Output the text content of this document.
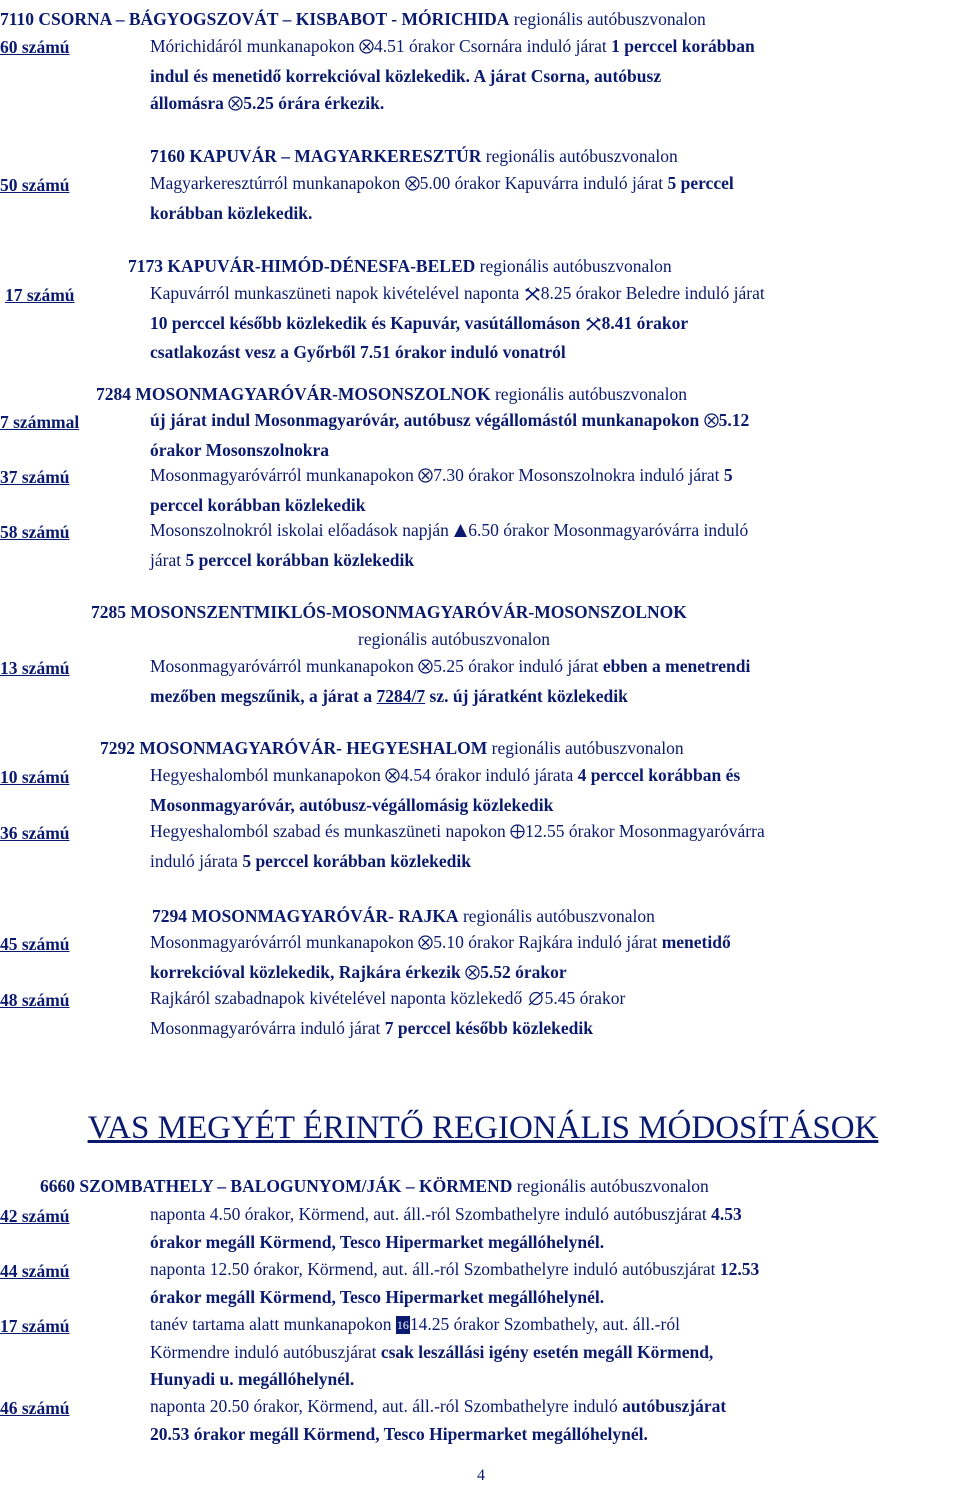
7110 CSORNA – BÁGYOGSZOVÁT – KISBABOT - MÓRICHIDA regionális autóbuszvonalon
60 számú	Mórichidáról munkanapokon 4.51 órakor Csornára induló járat 1 perccel korábban
indul és menetidő korrekcióval közlekedik. A járat Csorna, autóbusz
állomásra 5.25 órára érkezik.
7160 KAPUVÁR – MAGYARKERESZTÚR regionális autóbuszvonalon
50 számú	Magyarkeresztúrról munkanapokon 5.00 órakor Kapuvárra induló járat 5 perccel
korábban közlekedik.
7173 KAPUVÁR-HIMÓD-DÉNESFA-BELED regionális autóbuszvonalon
17 számú	Kapuvárról munkaszüneti napok kivételével naponta 8.25 órakor Beledre induló járat
10 perccel később közlekedik és Kapuvár, vasútállomáson 8.41 órakor
csatlakozást vesz a Győrből 7.51 órakor induló vonatról
7284 MOSONMAGYARÓVÁR-MOSONSZOLNOK regionális autóbuszvonalon
7 számmal	új járat indul Mosonmagyaróvár, autóbusz végállomástól munkanapokon 5.12
órakor Mosonszolnokra
37 számú	Mosonmagyaróvárról munkanapokon 7.30 órakor Mosonszolnokra induló járat 5
perccel korábban közlekedik
58 számú	Mosonszolnokról iskolai előadások napján 6.50 órakor Mosonmagyaróvárra induló
járat 5 perccel korábban közlekedik
7285 MOSONSZENTMIKLÓS-MOSONMAGYARÓVÁR-MOSONSZOLNOK
regionális autóbuszvonalon
13 számú	Mosonmagyaróvárról munkanapokon 5.25 órakor induló járat ebben a menetrendi
mezőben megszűnik, a járat a 7284/7 sz. új járatként közlekedik
7292 MOSONMAGYARÓVÁR- HEGYESHALOM regionális autóbuszvonalon
10 számú	Hegyeshalomból munkanapokon 4.54 órakor induló járata 4 perccel korábban és
Mosonmagyaróvár, autóbusz-végállomásig közlekedik
36 számú	Hegyeshalomból szabad és munkaszüneti napokon 12.55 órakor Mosonmagyaróvárra
induló járata 5 perccel korábban közlekedik
7294 MOSONMAGYARÓVÁR- RAJKA regionális autóbuszvonalon
45 számú	Mosonmagyaróvárról munkanapokon 5.10 órakor Rajkára induló járat menetidő
korrekcióval közlekedik, Rajkára érkezik 5.52 órakor
48 számú	Rajkáról szabadnapok kivételével naponta közlekedő 5.45 órakor
Mosonmagyaróvárra induló járat 7 perccel később közlekedik
VAS MEGYÉT ÉRINTŐ REGIONÁLIS MÓDOSÍTÁSOK
6660 SZOMBATHELY – BALOGUNYOM/JÁK – KÖRMEND regionális autóbuszvonalon
42 számú	naponta 4.50 órakor, Körmend, aut. áll.-ról Szombathelyre induló autóbuszjárat 4.53
órakor megáll Körmend, Tesco Hipermarket megállóhelynél.
44 számú	naponta 12.50 órakor, Körmend, aut. áll.-ról Szombathelyre induló autóbuszjárat 12.53
órakor megáll Körmend, Tesco Hipermarket megállóhelynél.
17 számú	tanév tartama alatt munkanapokon 1614.25 órakor Szombathely, aut. áll.-ról
Körmendre induló autóbuszjárat csak leszállási igény esetén megáll Körmend,
Hunyadi u. megállóhelynél.
46 számú	naponta 20.50 órakor, Körmend, aut. áll.-ról Szombathelyre induló autóbuszjárat
20.53 órakor megáll Körmend, Tesco Hipermarket megállóhelynél.
4
